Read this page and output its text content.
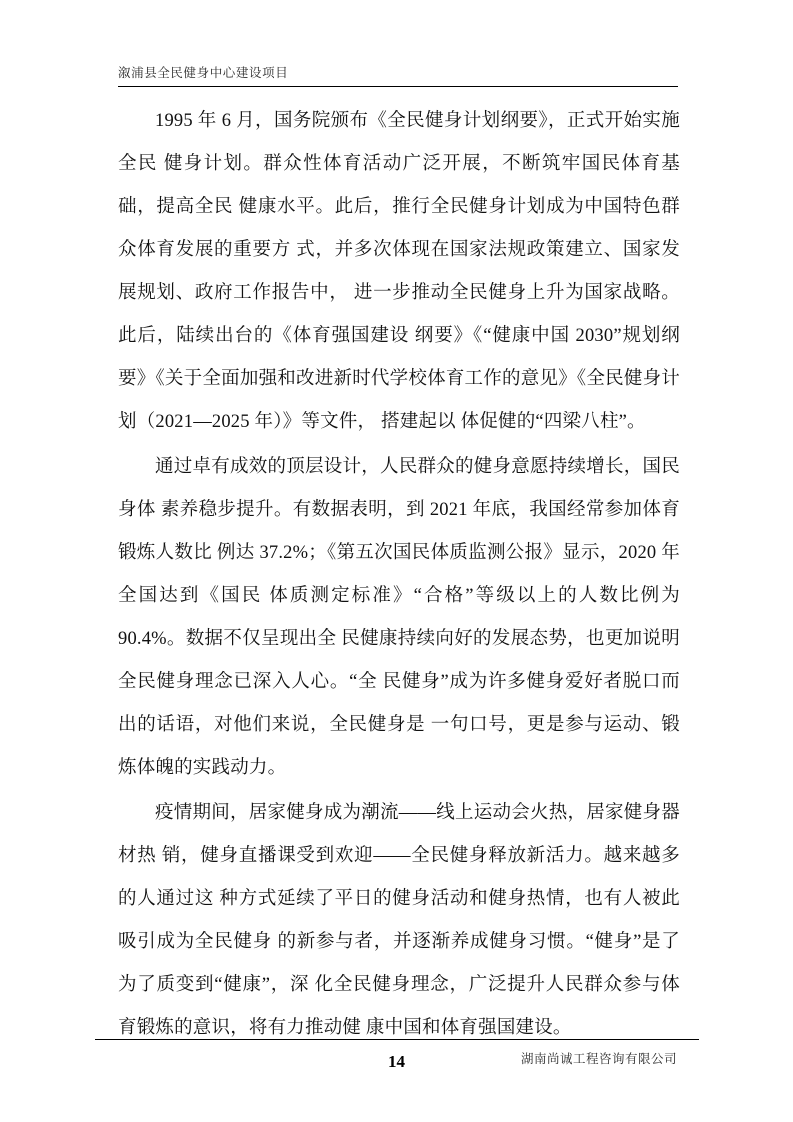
溆浦县全民健身中心建设项目

1995 年 6 月，国务院颁布《全民健身计划纲要》，正式开始实施全民 健身计划。群众性体育活动广泛开展，不断筑牢国民体育基础，提高全民 健康水平。此后，推行全民健身计划成为中国特色群众体育发展的重要方 式，并多次体现在国家法规政策建立、国家发展规划、政府工作报告中， 进一步推动全民健身上升为国家战略。此后，陆续出台的《体育强国建设 纲要》《“健康中国 2030”规划纲要》《关于全面加强和改进新时代学校体育工作的意见》《全民健身计划（2021—2025 年）》等文件， 搭建起以 体促健的“四梁八柱”。

通过卓有成效的顶层设计，人民群众的健身意愿持续增长，国民身体 素养稳步提升。有数据表明，到 2021 年底，我国经常参加体育锻炼人数比 例达 37.2%；《第五次国民体质监测公报》显示，2020 年全国达到《国民 体质测定标准》“合格”等级以上的人数比例为 90.4%。数据不仅呈现出全 民健康持续向好的发展态势，也更加说明全民健身理念已深入人心。“全 民健身”成为许多健身爱好者脱口而出的话语，对他们来说，全民健身是 一句口号，更是参与运动、锻炼体魄的实践动力。

疫情期间，居家健身成为潮流——线上运动会火热，居家健身器材热 销，健身直播课受到欢迎——全民健身释放新活力。越来越多的人通过这 种方式延续了平日的健身活动和健身热情，也有人被此吸引成为全民健身 的新参与者，并逐渐养成健身习惯。“健身”是了为了质变到“健康”，深 化全民健身理念，广泛提升人民群众参与体育锻炼的意识，将有力推动健 康中国和体育强国建设。

14	湖南尚诚工程咨询有限公司
